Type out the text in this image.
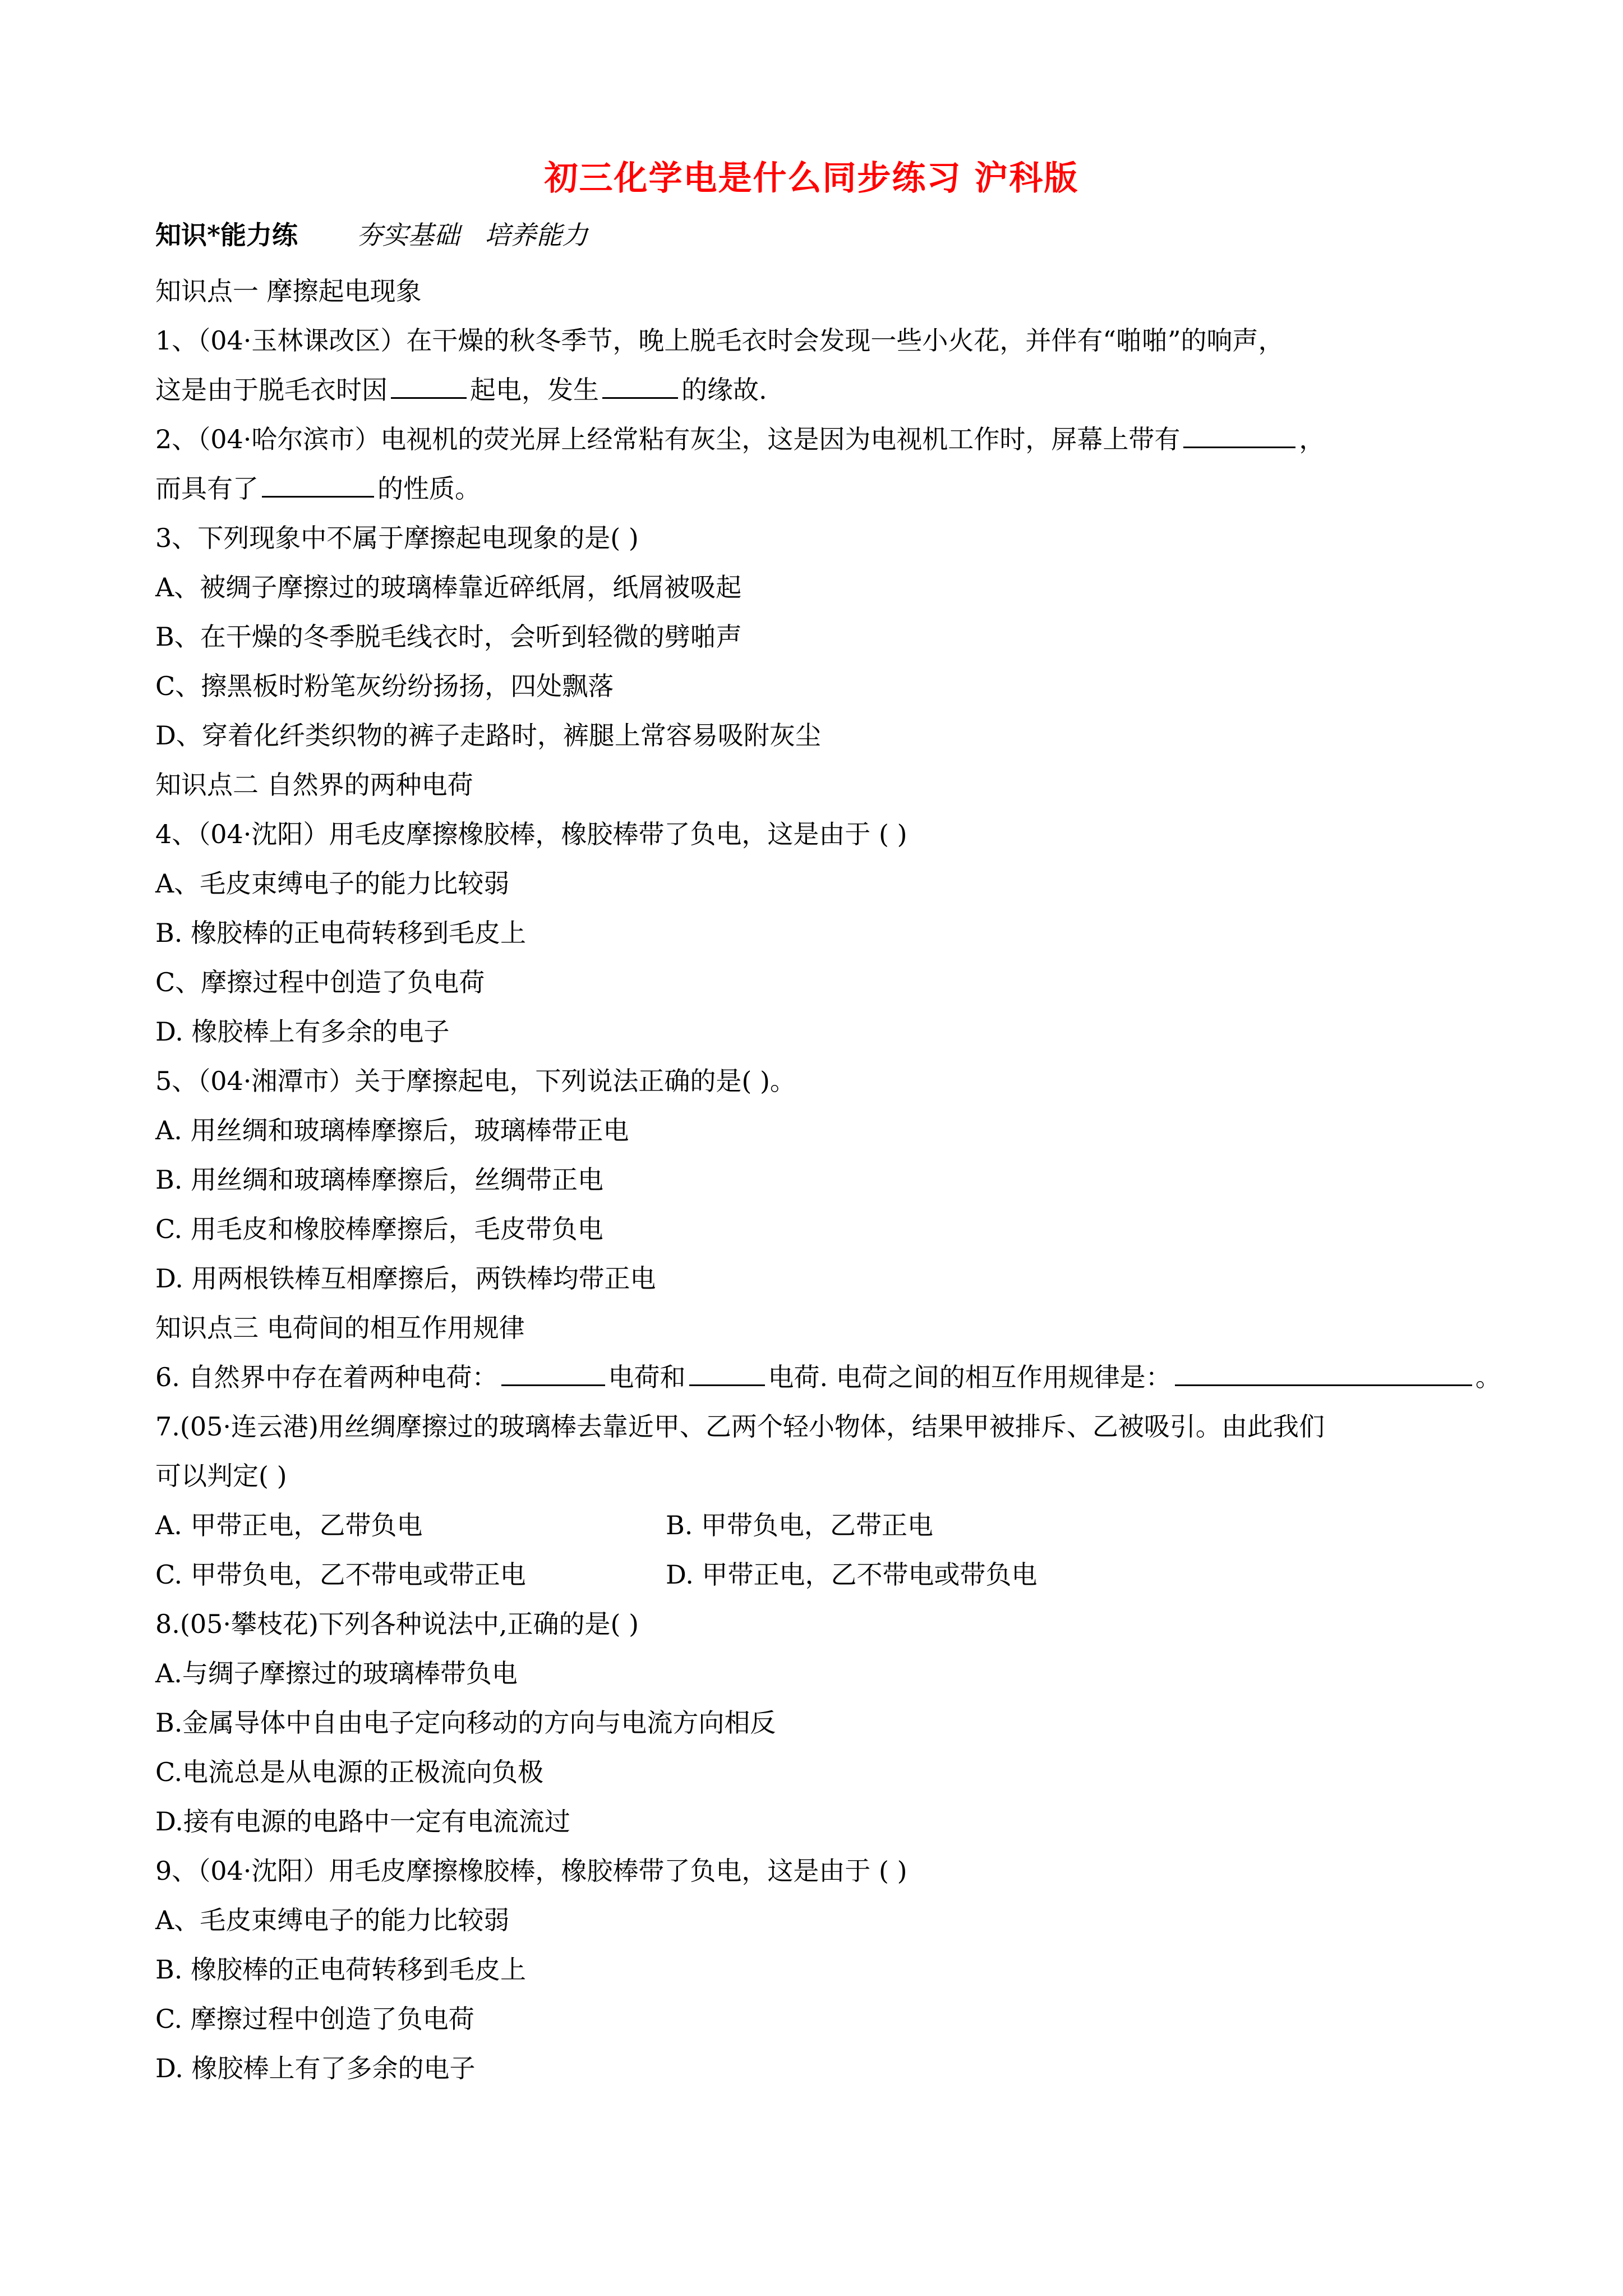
初三化学电是什么同步练习 沪科版
知识*能力练 夯实基础 培养能力
知识点一 摩擦起电现象
1、（04·玉林课改区）在干燥的秋冬季节，晚上脱毛衣时会发现一些小火花，并伴有“啪啪”的响声，
这是由于脱毛衣时因	起电，发生	的缘故.
2、（04·哈尔滨市）电视机的荧光屏上经常粘有灰尘，这是因为电视机工作时，屏幕上带有	，
而具有了	的性质。
3、下列现象中不属于摩擦起电现象的是( )
A、被绸子摩擦过的玻璃棒靠近碎纸屑，纸屑被吸起
B、在干燥的冬季脱毛线衣时，会听到轻微的劈啪声
C、擦黑板时粉笔灰纷纷扬扬，四处飘落
D、穿着化纤类织物的裤子走路时，裤腿上常容易吸附灰尘
知识点二 自然界的两种电荷
4、（04·沈阳）用毛皮摩擦橡胶棒，橡胶棒带了负电，这是由于 ( )
A、毛皮束缚电子的能力比较弱
B. 橡胶棒的正电荷转移到毛皮上
C、摩擦过程中创造了负电荷
D. 橡胶棒上有多余的电子
5、（04·湘潭市）关于摩擦起电，下列说法正确的是( )。
A. 用丝绸和玻璃棒摩擦后，玻璃棒带正电
B. 用丝绸和玻璃棒摩擦后，丝绸带正电
C. 用毛皮和橡胶棒摩擦后，毛皮带负电
D. 用两根铁棒互相摩擦后，两铁棒均带正电
知识点三 电荷间的相互作用规律
6. 自然界中存在着两种电荷：	电荷和	电荷. 电荷之间的相互作用规律是：	。
7.(05·连云港)用丝绸摩擦过的玻璃棒去靠近甲、乙两个轻小物体，结果甲被排斥、乙被吸引。由此我们
可以判定( )
A. 甲带正电，乙带负电	B. 甲带负电，乙带正电
C. 甲带负电，乙不带电或带正电	D. 甲带正电，乙不带电或带负电
8.(05·攀枝花)下列各种说法中,正确的是( )
A.与绸子摩擦过的玻璃棒带负电
B.金属导体中自由电子定向移动的方向与电流方向相反
C.电流总是从电源的正极流向负极
D.接有电源的电路中一定有电流流过
9、（04·沈阳）用毛皮摩擦橡胶棒，橡胶棒带了负电，这是由于 ( )
A、毛皮束缚电子的能力比较弱
B. 橡胶棒的正电荷转移到毛皮上
C. 摩擦过程中创造了负电荷
D. 橡胶棒上有了多余的电子
